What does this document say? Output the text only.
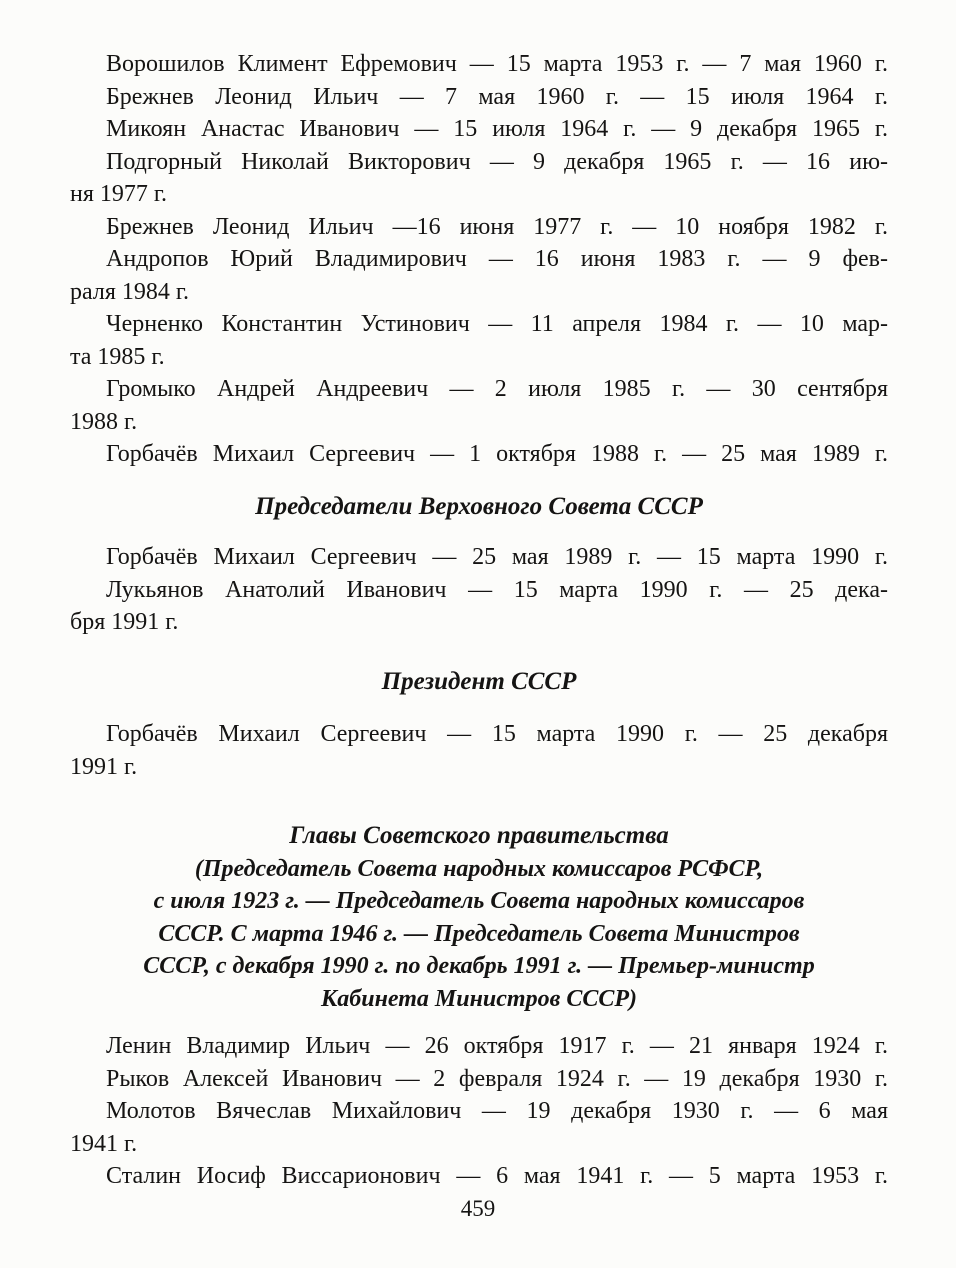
Ворошилов Климент Ефремович — 15 марта 1953 г. — 7 мая 1960 г.
Брежнев Леонид Ильич — 7 мая 1960 г. — 15 июля 1964 г.
Микоян Анастас Иванович — 15 июля 1964 г. — 9 декабря 1965 г.
Подгорный Николай Викторович — 9 декабря 1965 г. — 16 ию-
ня 1977 г.
Брежнев Леонид Ильич —16 июня 1977 г. — 10 ноября 1982 г.
Андропов Юрий Владимирович — 16 июня 1983 г. — 9 фев-
раля 1984 г.
Черненко Константин Устинович — 11 апреля 1984 г. — 10 мар-
та 1985 г.
Громыко Андрей Андреевич — 2 июля 1985 г. — 30 сентября
1988 г.
Горбачёв Михаил Сергеевич — 1 октября 1988 г. — 25 мая 1989 г.
Председатели Верховного Совета СССР
Горбачёв Михаил Сергеевич — 25 мая 1989 г. — 15 марта 1990 г.
Лукьянов Анатолий Иванович — 15 марта 1990 г. — 25 дека-
бря 1991 г.
Президент СССР
Горбачёв Михаил Сергеевич — 15 марта 1990 г. — 25 декабря
1991 г.
Главы Советского правительства
(Председатель Совета народных комиссаров РСФСР,
с июля 1923 г. — Председатель Совета народных комиссаров
СССР. С марта 1946 г. — Председатель Совета Министров
СССР, с декабря 1990 г. по декабрь 1991 г. — Премьер-министр
Кабинета Министров СССР)
Ленин Владимир Ильич — 26 октября 1917 г. — 21 января 1924 г.
Рыков Алексей Иванович — 2 февраля 1924 г. — 19 декабря 1930 г.
Молотов Вячеслав Михайлович — 19 декабря 1930 г. — 6 мая
1941 г.
Сталин Иосиф Виссарионович — 6 мая 1941 г. — 5 марта 1953 г.
459
